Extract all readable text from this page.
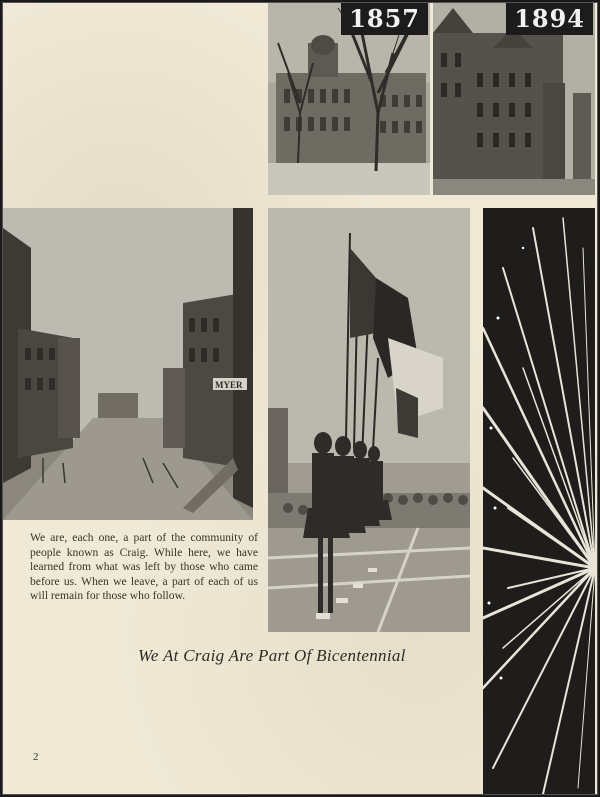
1857	1894
MYER
We are, each one, a part of the community of people known as Craig. While here, we have learned from what was left by those who came before us. When we leave, a part of each of us will remain for those who follow.
We At Craig Are Part Of Bicentennial
2
